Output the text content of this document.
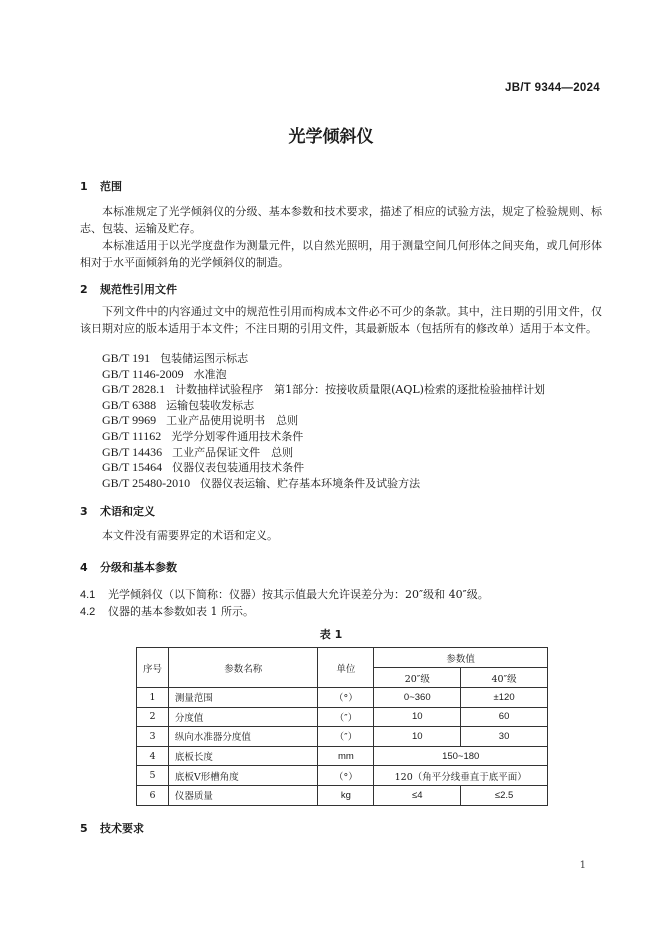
JB/T 9344—2024
光学倾斜仪
1 范围
本标准规定了光学倾斜仪的分级、基本参数和技术要求，描述了相应的试验方法，规定了检验规则、标志、包装、运输及贮存。
本标准适用于以光学度盘作为测量元件，以自然光照明，用于测量空间几何形体之间夹角，或几何形体相对于水平面倾斜角的光学倾斜仪的制造。
2 规范性引用文件
下列文件中的内容通过文中的规范性引用而构成本文件必不可少的条款。其中，注日期的引用文件，仅该日期对应的版本适用于本文件；不注日期的引用文件，其最新版本（包括所有的修改单）适用于本文件。
GB/T 191 包装储运图示标志
GB/T 1146-2009 水准泡
GB/T 2828.1 计数抽样试验程序　第1部分：按接收质量限(AQL)检索的逐批检验抽样计划
GB/T 6388 运输包装收发标志
GB/T 9969 工业产品使用说明书　总则
GB/T 11162 光学分划零件通用技术条件
GB/T 14436 工业产品保证文件　总则
GB/T 15464 仪器仪表包装通用技术条件
GB/T 25480-2010 仪器仪表运输、贮存基本环境条件及试验方法
3 术语和定义
本文件没有需要界定的术语和定义。
4 分级和基本参数
4.1 光学倾斜仪（以下简称：仪器）按其示值最大允许误差分为：20″级和 40″级。
4.2 仪器的基本参数如表 1 所示。
表 1
序号	参数名称	单位	参数值	
			20″级	40″级
1	测量范围	（°）	0~360	±120
2	分度值	（″）	10	60
3	纵向水准器分度值	（″）	10	30
4	底板长度	mm	150~180	
5	底板V形槽角度	（°）	120（角平分线垂直于底平面）	
6	仪器质量	kg	≤4	≤2.5
5 技术要求
1
